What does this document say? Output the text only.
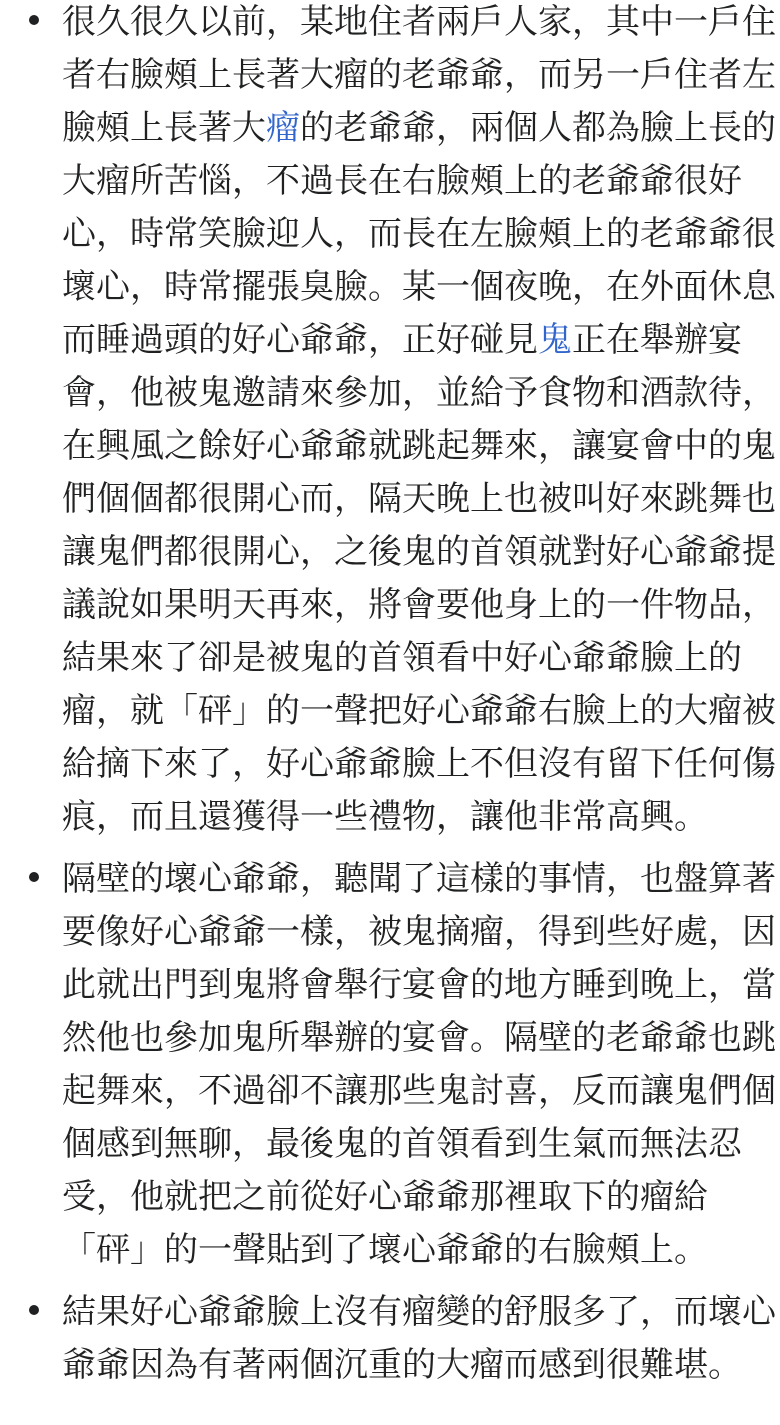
很久很久以前，某地住者兩戶人家，其中一戶住者右臉頰上長著大瘤的老爺爺，而另一戶住者左臉頰上長著大瘤的老爺爺，兩個人都為臉上長的大瘤所苦惱，不過長在右臉頰上的老爺爺很好心，時常笑臉迎人，而長在左臉頰上的老爺爺很壞心，時常擺張臭臉。某一個夜晚，在外面休息而睡過頭的好心爺爺，正好碰見鬼正在舉辦宴會，他被鬼邀請來參加，並給予食物和酒款待，在興風之餘好心爺爺就跳起舞來，讓宴會中的鬼們個個都很開心而，隔天晚上也被叫好來跳舞也讓鬼們都很開心，之後鬼的首領就對好心爺爺提議說如果明天再來，將會要他身上的一件物品，結果來了卻是被鬼的首領看中好心爺爺臉上的瘤，就「砰」的一聲把好心爺爺右臉上的大瘤被給摘下來了，好心爺爺臉上不但沒有留下任何傷痕，而且還獲得一些禮物，讓他非常高興。
隔壁的壞心爺爺，聽聞了這樣的事情，也盤算著要像好心爺爺一樣，被鬼摘瘤，得到些好處，因此就出門到鬼將會舉行宴會的地方睡到晚上，當然他也參加鬼所舉辦的宴會。隔壁的老爺爺也跳起舞來，不過卻不讓那些鬼討喜，反而讓鬼們個個感到無聊，最後鬼的首領看到生氣而無法忍受，他就把之前從好心爺爺那裡取下的瘤給「砰」的一聲貼到了壞心爺爺的右臉頰上。
結果好心爺爺臉上沒有瘤變的舒服多了，而壞心爺爺因為有著兩個沉重的大瘤而感到很難堪。
